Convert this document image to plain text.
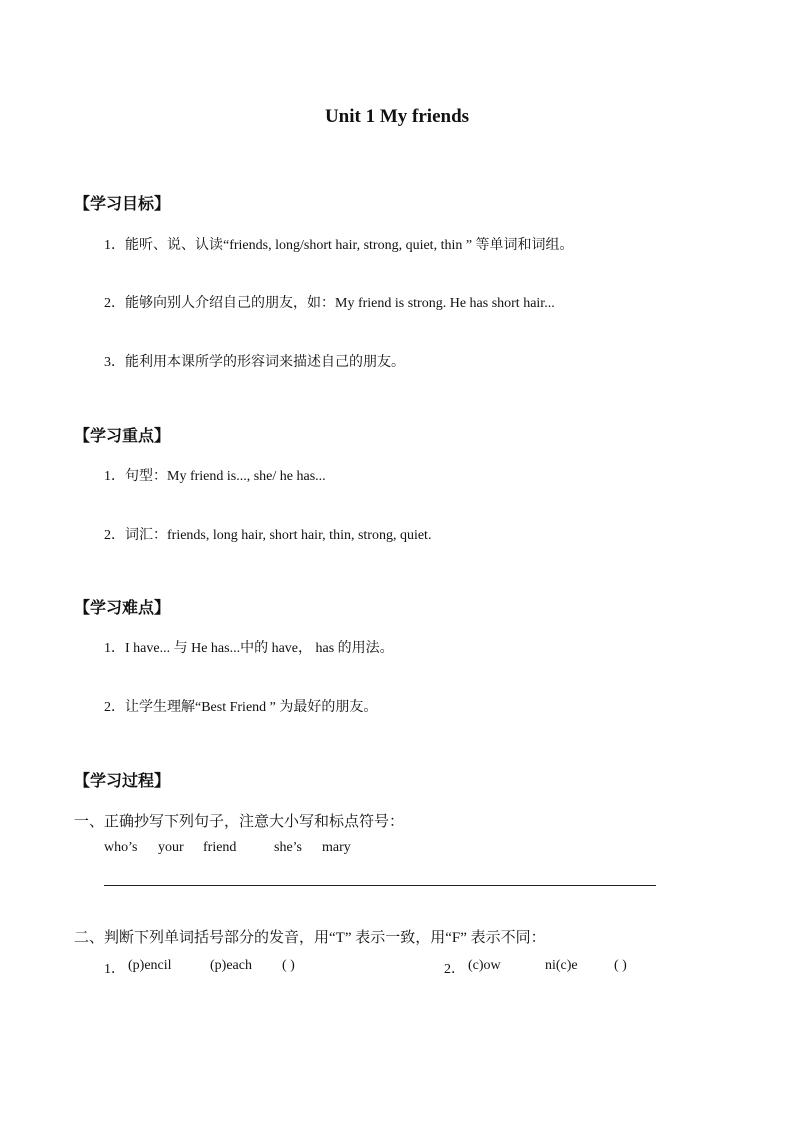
Unit 1 My friends
【学习目标】
1．能听、说、认读“friends, long/short hair, strong, quiet, thin ” 等单词和词组。
2．能够向别人介绍自己的朋友，如：My friend is strong. He has short hair...
3．能利用本课所学的形容词来描述自己的朋友。
【学习重点】
1．句型：My friend is..., she/ he has...
2．词汇：friends, long hair, short hair, thin, strong, quiet.
【学习难点】
1．I have... 与 He has...中的 have， has 的用法。
2．让学生理解“Best Friend ” 为最好的朋友。
【学习过程】
一、正确抄写下列句子，注意大小写和标点符号：
who’s your friend	she’s mary
二、判断下列单词括号部分的发音，用“T” 表示一致，用“F” 表示不同：
1． (p)encil	(p)each ( )	2． (c)ow	ni(c)e	( )
